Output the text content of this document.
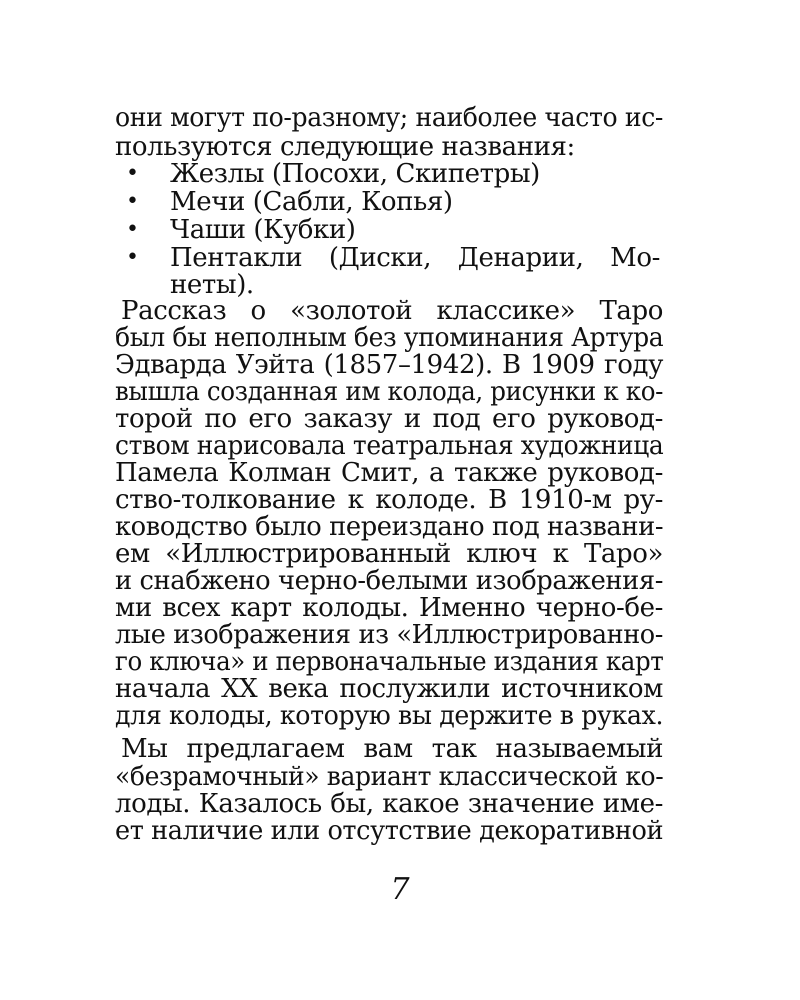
они могут по-разному; наиболее часто ис-
пользуются следующие названия:
• Жезлы (Посохи, Скипетры)
• Мечи (Сабли, Копья)
• Чаши (Кубки)
• Пентакли (Диски, Денарии, Мо-
неты).
Рассказ о «золотой классике» Таро
был бы неполным без упоминания Артура
Эдварда Уэйта (1857–1942). В 1909 году
вышла созданная им колода, рисунки к ко-
торой по его заказу и под его руковод-
ством нарисовала театральная художница
Памела Колман Смит, а также руковод-
ство-толкование к колоде. В 1910-м ру-
ководство было переиздано под названи-
ем «Иллюстрированный ключ к Таро»
и снабжено черно-белыми изображения-
ми всех карт колоды. Именно черно-бе-
лые изображения из «Иллюстрированно-
го ключа» и первоначальные издания карт
начала XX века послужили источником
для колоды, которую вы держите в руках.
Мы предлагаем вам так называемый
«безрамочный» вариант классической ко-
лоды. Казалось бы, какое значение име-
ет наличие или отсутствие декоративной
7
